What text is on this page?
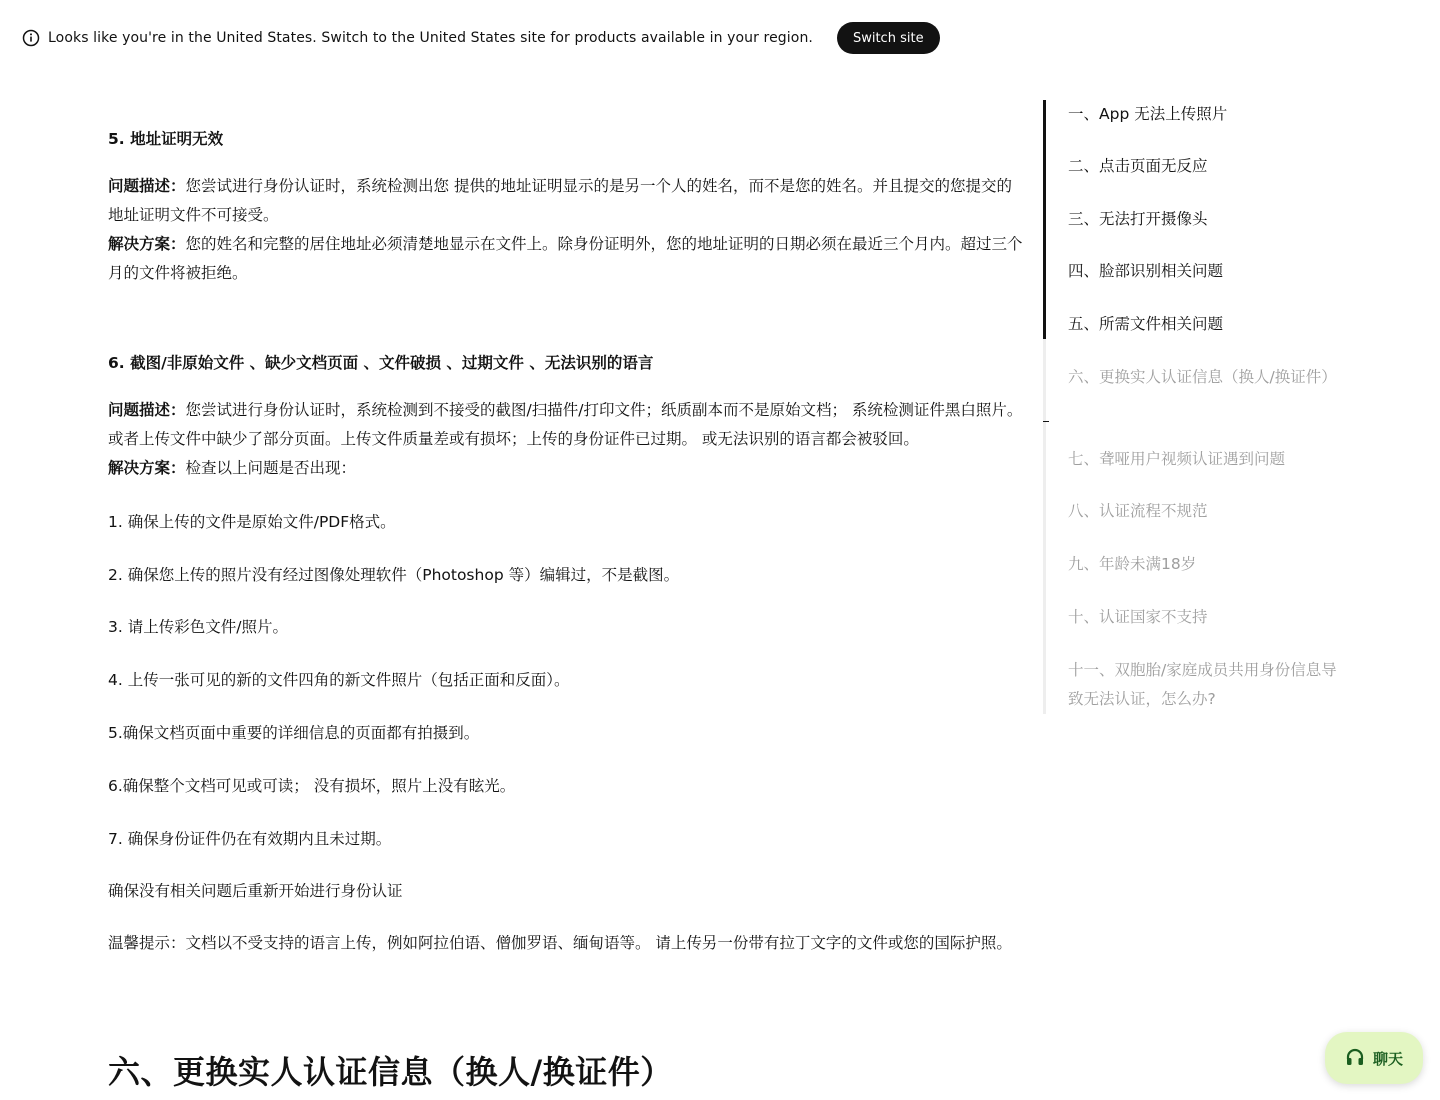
Looks like you're in the United States. Switch to the United States site for products available in your region.	Switch site

5. 地址证明无效

问题描述：您尝试进行身份认证时，系统检测出您 提供的地址证明显示的是另一个人的姓名，而不是您的姓名。并且提交的您提交的地址证明文件不可接受。

解决方案：您的姓名和完整的居住地址必须清楚地显示在文件上。除身份证明外，您的地址证明的日期必须在最近三个月内。超过三个月的文件将被拒绝。

6. 截图/非原始文件 、缺少文档页面 、文件破损 、过期文件 、无法识别的语言

问题描述：您尝试进行身份认证时，系统检测到不接受的截图/扫描件/打印文件；纸质副本而不是原始文档； 系统检测证件黑白照片。或者上传文件中缺少了部分页面。上传文件质量差或有损坏；上传的身份证件已过期。 或无法识别的语言都会被驳回。

解决方案：检查以上问题是否出现：

1. 确保上传的文件是原始文件/PDF格式。

2. 确保您上传的照片没有经过图像处理软件（Photoshop 等）编辑过，不是截图。

3. 请上传彩色文件/照片。

4. 上传一张可见的新的文件四角的新文件照片（包括正面和反面）。

5.确保文档页面中重要的详细信息的页面都有拍摄到。

6.确保整个文档可见或可读； 没有损坏，照片上没有眩光。

7. 确保身份证件仍在有效期内且未过期。

确保没有相关问题后重新开始进行身份认证

温馨提示：文档以不受支持的语言上传，例如阿拉伯语、僧伽罗语、缅甸语等。 请上传另一份带有拉丁文字的文件或您的国际护照。

六、更换实人认证信息（换人/换证件）
一、App 无法上传照片
二、点击页面无反应
三、无法打开摄像头
四、脸部识别相关问题
五、所需文件相关问题
六、更换实人认证信息（换人/换证件）
七、聋哑用户视频认证遇到问题
八、认证流程不规范
九、年龄未满18岁
十、认证国家不支持
十一、双胞胎/家庭成员共用身份信息导致无法认证，怎么办?
聊天
